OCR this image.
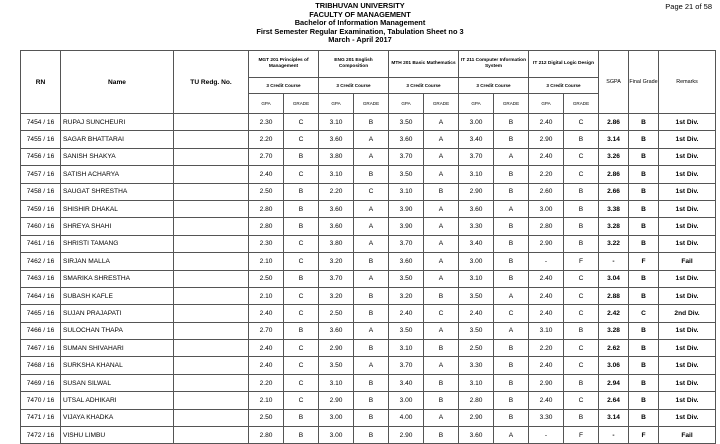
Page 21 of 58
TRIBHUVAN UNIVERSITY
FACULTY OF MANAGEMENT
Bachelor of Information Management
First Semester Regular Examination, Tabulation Sheet no 3
March - April 2017
RN	Name	TU Redg. No.	MGT 201 Principles of Management		ENG 201 English Composition		MTH 201 Basic Mathematics		IT 211 Computer Information System		IT 212 Digital Logic Design		SGPA	Final Grade	Remarks
			3 Credit Course		3 Credit Course		3 Credit Course		3 Credit Course		3 Credit Course				
			GPA	GRADE	GPA	GRADE	GPA	GRADE	GPA	GRADE	GPA	GRADE			
7454 / 16	RUPAJ SUNCHEURI		2.30	C	3.10	B	3.50	A	3.00	B	2.40	C	2.86	B	1st Div.
7455 / 16	SAGAR BHATTARAI		2.20	C	3.60	A	3.60	A	3.40	B	2.90	B	3.14	B	1st Div.
7456 / 16	SANISH SHAKYA		2.70	B	3.80	A	3.70	A	3.70	A	2.40	C	3.26	B	1st Div.
7457 / 16	SATISH ACHARYA		2.40	C	3.10	B	3.50	A	3.10	B	2.20	C	2.86	B	1st Div.
7458 / 16	SAUGAT SHRESTHA		2.50	B	2.20	C	3.10	B	2.90	B	2.60	B	2.66	B	1st Div.
7459 / 16	SHISHIR DHAKAL		2.80	B	3.60	A	3.90	A	3.60	A	3.00	B	3.38	B	1st Div.
7460 / 16	SHREYA SHAHI		2.80	B	3.60	A	3.90	A	3.30	B	2.80	B	3.28	B	1st Div.
7461 / 16	SHRISTI TAMANG		2.30	C	3.80	A	3.70	A	3.40	B	2.90	B	3.22	B	1st Div.
7462 / 16	SIRJAN MALLA		2.10	C	3.20	B	3.60	A	3.00	B	-	F	-	F	Fail
7463 / 16	SMARIKA SHRESTHA		2.50	B	3.70	A	3.50	A	3.10	B	2.40	C	3.04	B	1st Div.
7464 / 16	SUBASH KAFLE		2.10	C	3.20	B	3.20	B	3.50	A	2.40	C	2.88	B	1st Div.
7465 / 16	SUJAN PRAJAPATI		2.40	C	2.50	B	2.40	C	2.40	C	2.40	C	2.42	C	2nd Div.
7466 / 16	SULOCHAN THAPA		2.70	B	3.60	A	3.50	A	3.50	A	3.10	B	3.28	B	1st Div.
7467 / 16	SUMAN SHIVAHARI		2.40	C	2.90	B	3.10	B	2.50	B	2.20	C	2.62	B	1st Div.
7468 / 16	SURKSHA KHANAL		2.40	C	3.50	A	3.70	A	3.30	B	2.40	C	3.06	B	1st Div.
7469 / 16	SUSAN SILWAL		2.20	C	3.10	B	3.40	B	3.10	B	2.90	B	2.94	B	1st Div.
7470 / 16	UTSAL ADHIKARI		2.10	C	2.90	B	3.00	B	2.80	B	2.40	C	2.64	B	1st Div.
7471 / 16	VIJAYA KHADKA		2.50	B	3.00	B	4.00	A	2.90	B	3.30	B	3.14	B	1st Div.
7472 / 16	VISHU LIMBU		2.80	B	3.00	B	2.90	B	3.60	A	-	F	-	F	Fail
